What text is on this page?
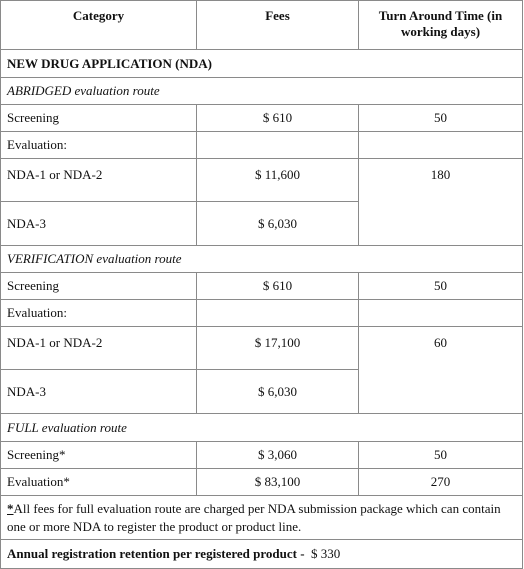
Category	Fees	Turn Around Time (in working days)
NEW DRUG APPLICATION (NDA)		
ABRIDGED evaluation route		
Screening	$ 610	50
Evaluation:		
NDA-1 or NDA-2	$ 11,600	180
NDA-3	$ 6,030	
VERIFICATION evaluation route		
Screening	$ 610	50
Evaluation:		
NDA-1 or NDA-2	$ 17,100	60
NDA-3	$ 6,030	
FULL evaluation route		
Screening*	$ 3,060	50
Evaluation*	$ 83,100	270
*All fees for full evaluation route are charged per NDA submission package which can contain one or more NDA to register the product or product line.		
Annual registration retention per registered product - $ 330		
